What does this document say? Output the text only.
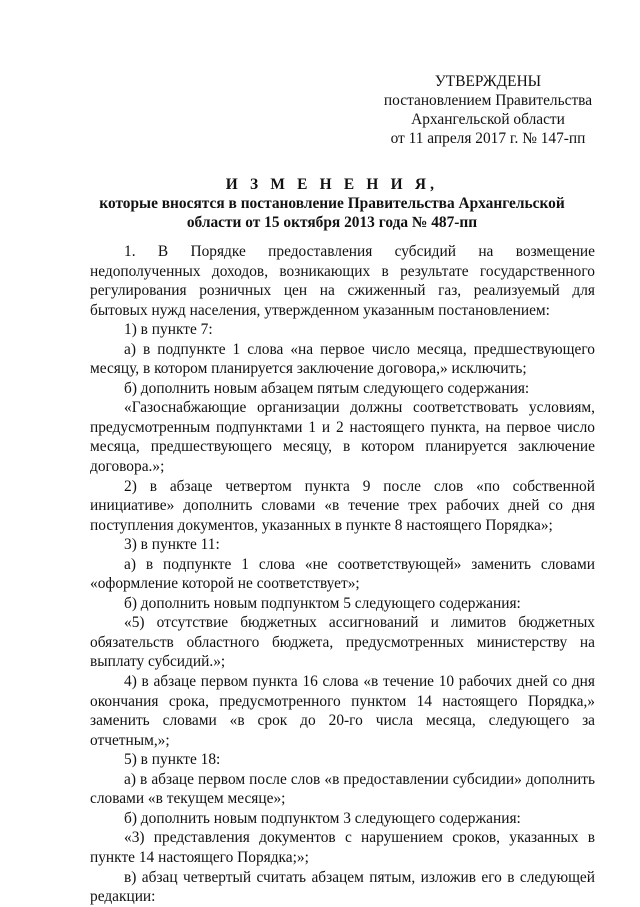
УТВЕРЖДЕНЫ
постановлением Правительства
Архангельской области
от 11 апреля 2017 г. № 147-пп
И З М Е Н Е Н И Я,
которые вносятся в постановление Правительства Архангельской
области от 15 октября 2013 года № 487-пп

1. В Порядке предоставления субсидий на возмещение недополученных доходов, возникающих в результате государственного регулирования розничных цен на сжиженный газ, реализуемый для бытовых нужд населения, утвержденном указанным постановлением:

1) в пункте 7:

а) в подпункте 1 слова «на первое число месяца, предшествующего месяцу, в котором планируется заключение договора,» исключить;

б) дополнить новым абзацем пятым следующего содержания:

«Газоснабжающие организации должны соответствовать условиям, предусмотренным подпунктами 1 и 2 настоящего пункта, на первое число месяца, предшествующего месяцу, в котором планируется заключение договора.»;

2) в абзаце четвертом пункта 9 после слов «по собственной инициативе» дополнить словами «в течение трех рабочих дней со дня поступления документов, указанных в пункте 8 настоящего Порядка»;

3) в пункте 11:

а) в подпункте 1 слова «не соответствующей» заменить словами «оформление которой не соответствует»;

б) дополнить новым подпунктом 5 следующего содержания:

«5) отсутствие бюджетных ассигнований и лимитов бюджетных обязательств областного бюджета, предусмотренных министерству на выплату субсидий.»;

4) в абзаце первом пункта 16 слова «в течение 10 рабочих дней со дня окончания срока, предусмотренного пунктом 14 настоящего Порядка,» заменить словами «в срок до 20-го числа месяца, следующего за отчетным,»;

5) в пункте 18:

а) в абзаце первом после слов «в предоставлении субсидии» дополнить словами «в текущем месяце»;

б) дополнить новым подпунктом 3 следующего содержания:

«3) представления документов с нарушением сроков, указанных в пункте 14 настоящего Порядка;»;

в) абзац четвертый считать абзацем пятым, изложив его в следующей редакции:
